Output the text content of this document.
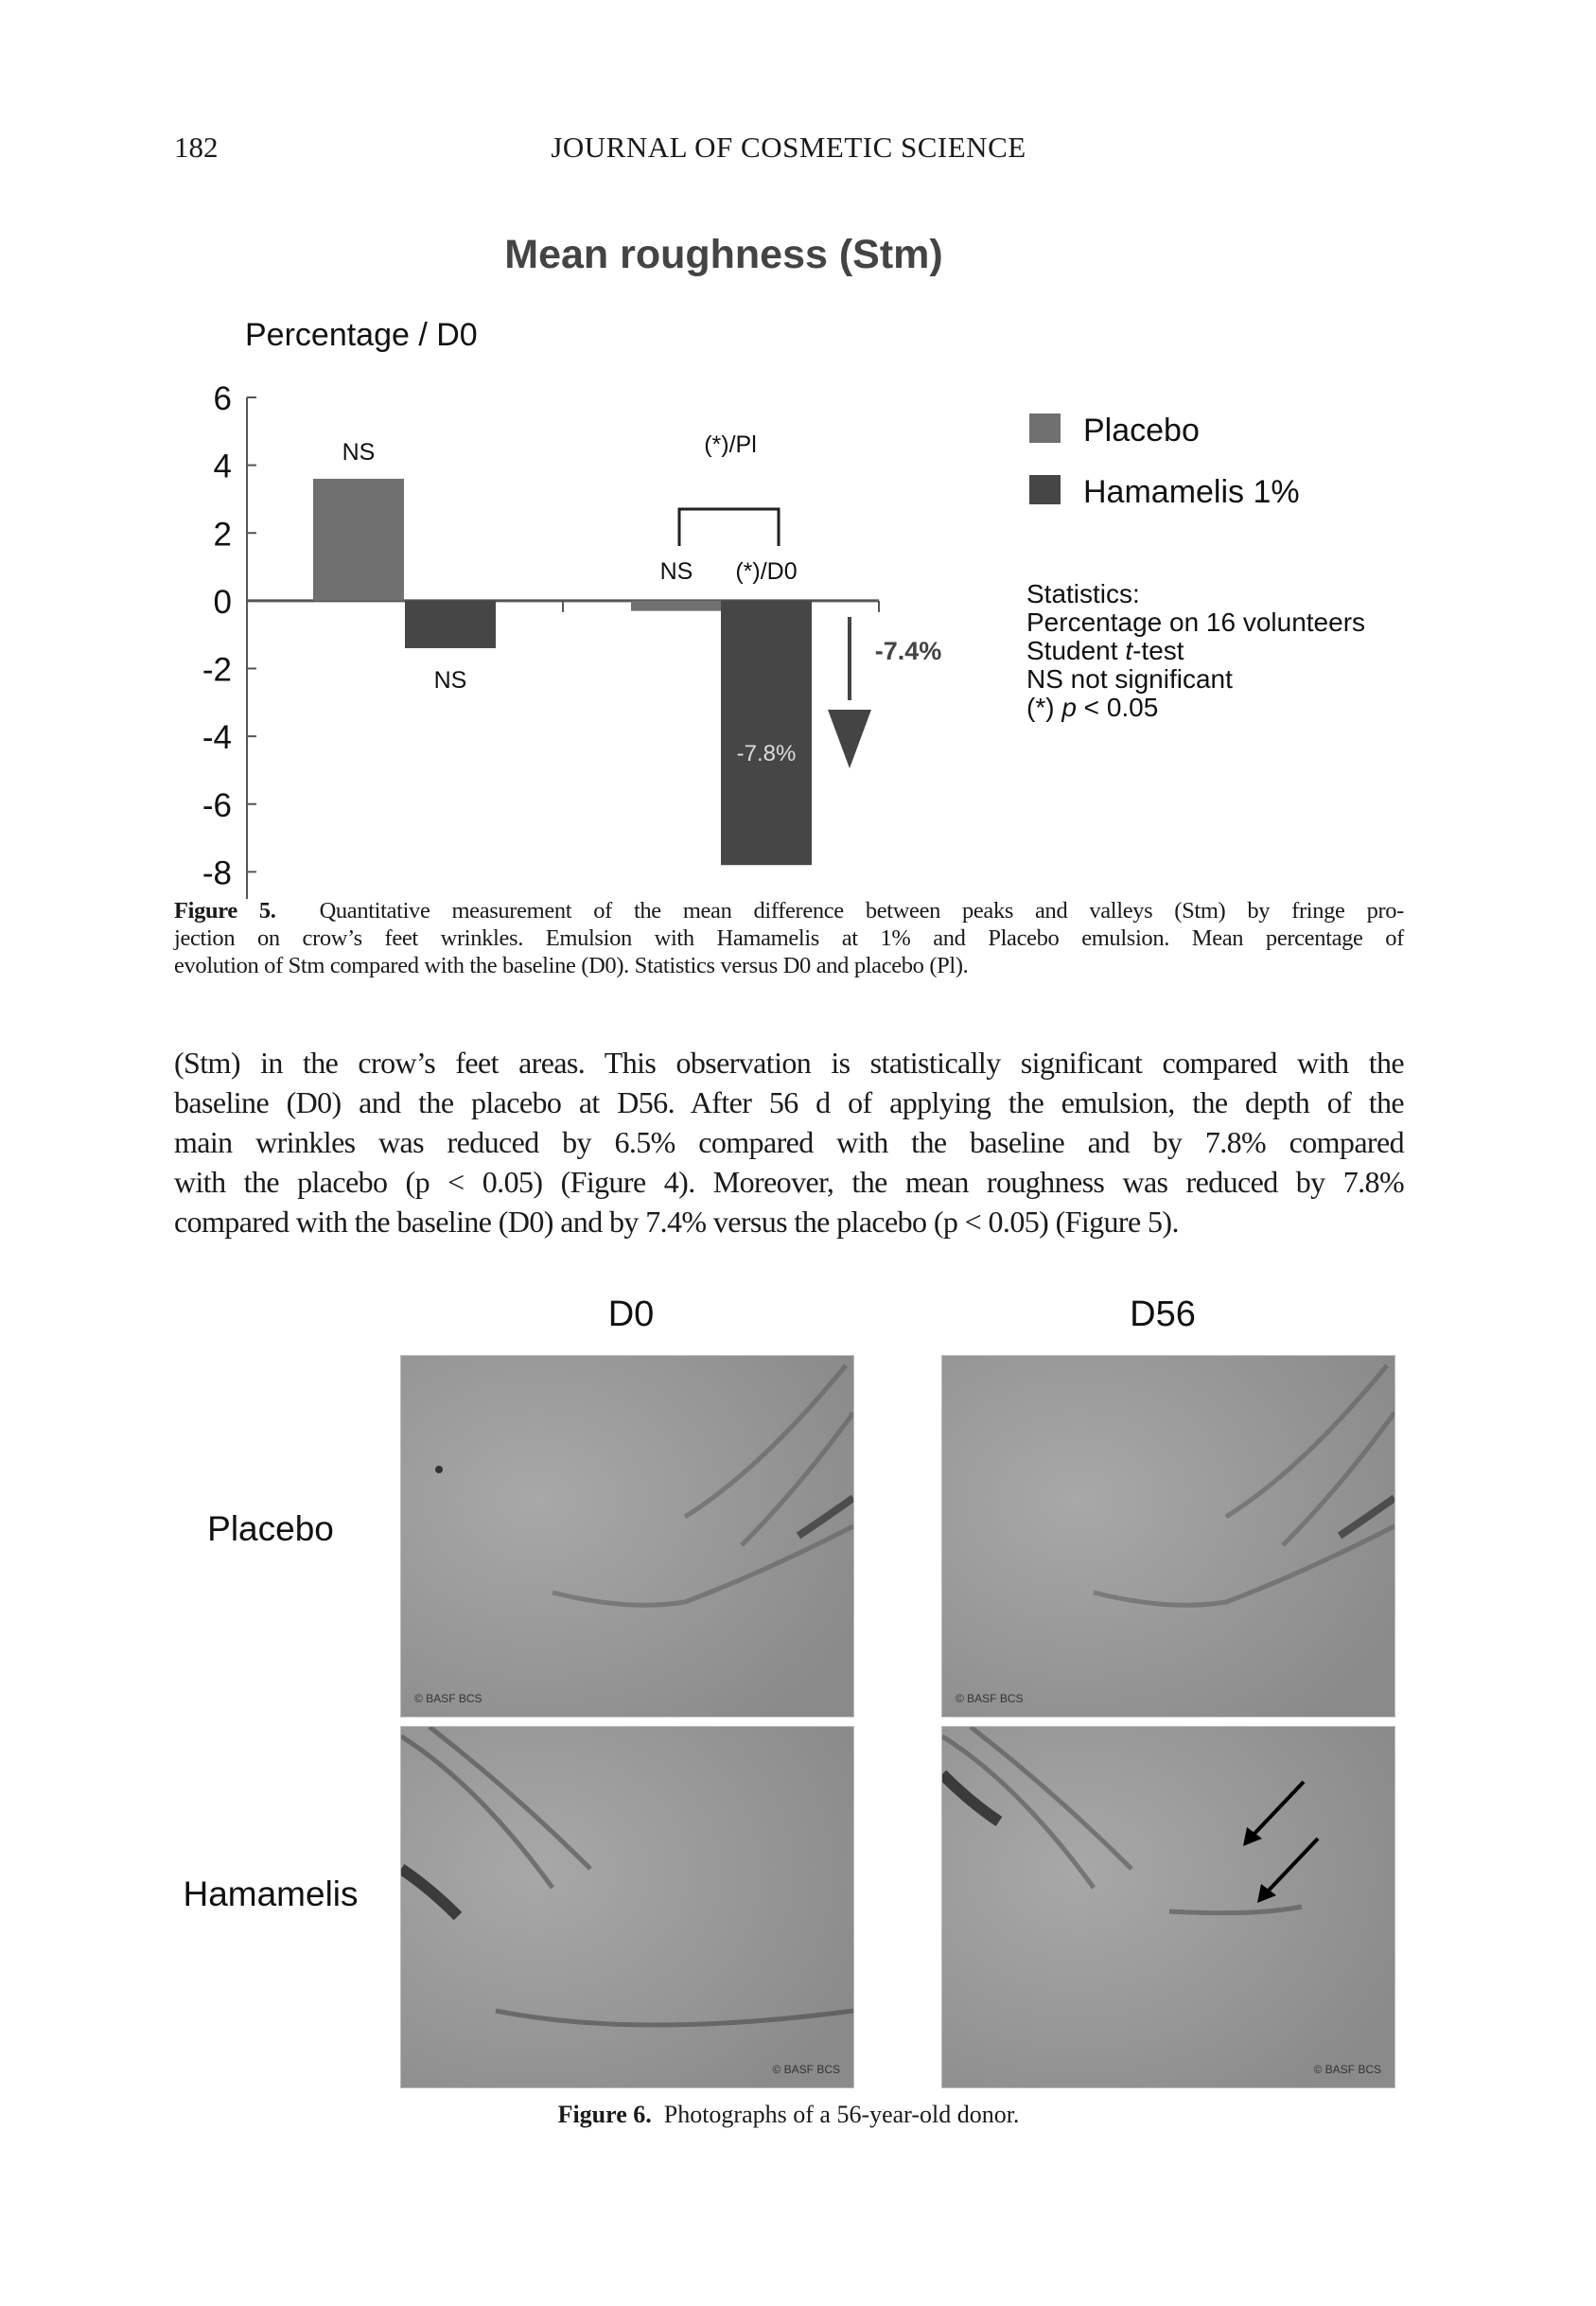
182	JOURNAL OF COSMETIC SCIENCE
Mean roughness (Stm)
Percentage / D0
6
4
2
0
-2
-4
-6
-8
NS
NS
NS
(*)/D0
-7.8%
(*)/Pl
-7.4%
Placebo
Hamamelis 1%
Statistics:
Percentage on 16 volunteers
Student t-test
NS not significant
(*) p < 0.05
Figure 5. Quantitative measurement of the mean difference between peaks and valleys (Stm) by fringe pro-
jection on crow’s feet wrinkles. Emulsion with Hamamelis at 1% and Placebo emulsion. Mean percentage of
evolution of Stm compared with the baseline (D0). Statistics versus D0 and placebo (Pl).
(Stm) in the crow’s feet areas. This observation is statistically significant compared with the
baseline (D0) and the placebo at D56. After 56 d of applying the emulsion, the depth of the
main wrinkles was reduced by 6.5% compared with the baseline and by 7.8% compared
with the placebo (p < 0.05) (Figure 4). Moreover, the mean roughness was reduced by 7.8%
compared with the baseline (D0) and by 7.4% versus the placebo (p < 0.05) (Figure 5).
D0	D56
Placebo
Hamamelis
© BASF BCS	© BASF BCS
© BASF BCS	© BASF BCS
Figure 6. Photographs of a 56-year-old donor.
